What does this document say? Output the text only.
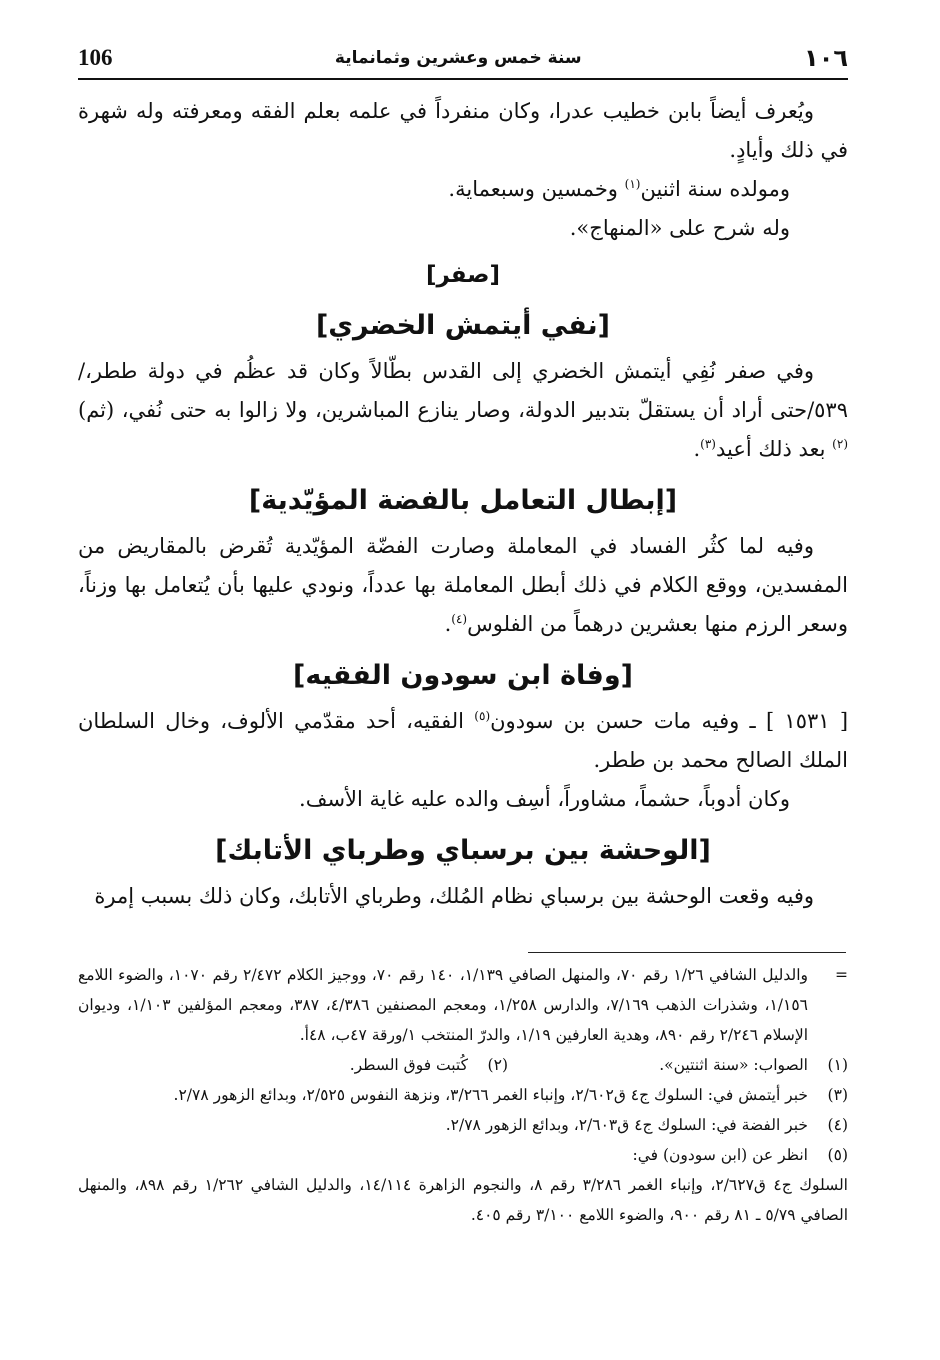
106	سنة خمس وعشرين وثمانماية	١٠٦

ويُعرف أيضاً بابن خطيب عدرا، وكان منفرداً في علمه بعلم الفقه ومعرفته وله شهرة في ذلك وأيادٍ.

ومولده سنة اثنين$^{(١)}$ وخمسين وسبعماية.

وله شرح على «المنهاج».

[صفر]
[نفي أيتمش الخضري]

وفي صفر نُفِي أيتمش الخضري إلى القدس بطّالاً وكان قد عظُم في دولة ططر،/ ٥٣٩/حتى أراد أن يستقلّ بتدبير الدولة، وصار ينازع المباشرين، ولا زالوا به حتى نُفي، (ثم)$^{(٢)}$ بعد ذلك أعيد$^{(٣)}$.

[إبطال التعامل بالفضة المؤيّدية]

وفيه لما كثُر الفساد في المعاملة وصارت الفضّة المؤيّدية تُقرض بالمقاريض من المفسدين، ووقع الكلام في ذلك أبطل المعاملة بها عدداً، ونودي عليها بأن يُتعامل بها وزناً، وسعر الرزم منها بعشرين درهماً من الفلوس$^{(٤)}$.

[وفاة ابن سودون الفقيه]

[ ١٥٣١ ] ـ وفيه مات حسن بن سودون$^{(٥)}$ الفقيه، أحد مقدّمي الألوف، وخال السلطان الملك الصالح محمد بن ططر.

وكان أدوباً، حشماً، مشاوراً، أسِف والده عليه غاية الأسف.

[الوحشة بين برسباي وطرباي الأتابك]

وفيه وقعت الوحشة بين برسباي نظام المُلك، وطرباي الأتابك، وكان ذلك بسبب إمرة

=
والدليل الشافي ١/٢٦ رقم ٧٠، والمنهل الصافي ١/١٣٩، ١٤٠ رقم ٧٠، ووجيز الكلام ٢/٤٧٢ رقم ١٠٧٠، والضوء اللامع ١/١٥٦، وشذرات الذهب ٧/١٦٩، والدارس ١/٢٥٨، ومعجم المصنفين ٤/٣٨٦، ٣٨٧، ومعجم المؤلفين ١/١٠٣، وديوان الإسلام ٢/٢٤٦ رقم ٨٩٠، وهدية العارفين ١/١٩، والدرّ المنتخب ١/ورقة ٤٧ب، ٤٨أ.
(١)
الصواب: «سنة اثنتين».
(٢)
كُتبت فوق السطر.
(٣)
خبر أيتمش في: السلوك ج٤ ق٢/٦٠٢، وإنباء الغمر ٣/٢٦٦، ونزهة النفوس ٢/٥٢٥، وبدائع الزهور ٢/٧٨.
(٤)
خبر الفضة في: السلوك ج٤ ق٢/٦٠٣، وبدائع الزهور ٢/٧٨.
(٥)
انظر عن (ابن سودون) في:
السلوك ج٤ ق٢/٦٢٧، وإنباء الغمر ٣/٢٨٦ رقم ٨، والنجوم الزاهرة ١٤/١١٤، والدليل الشافي ١/٢٦٢ رقم ٨٩٨، والمنهل الصافي ٥/٧٩ ـ ٨١ رقم ٩٠٠، والضوء اللامع ٣/١٠٠ رقم ٤٠٥.
